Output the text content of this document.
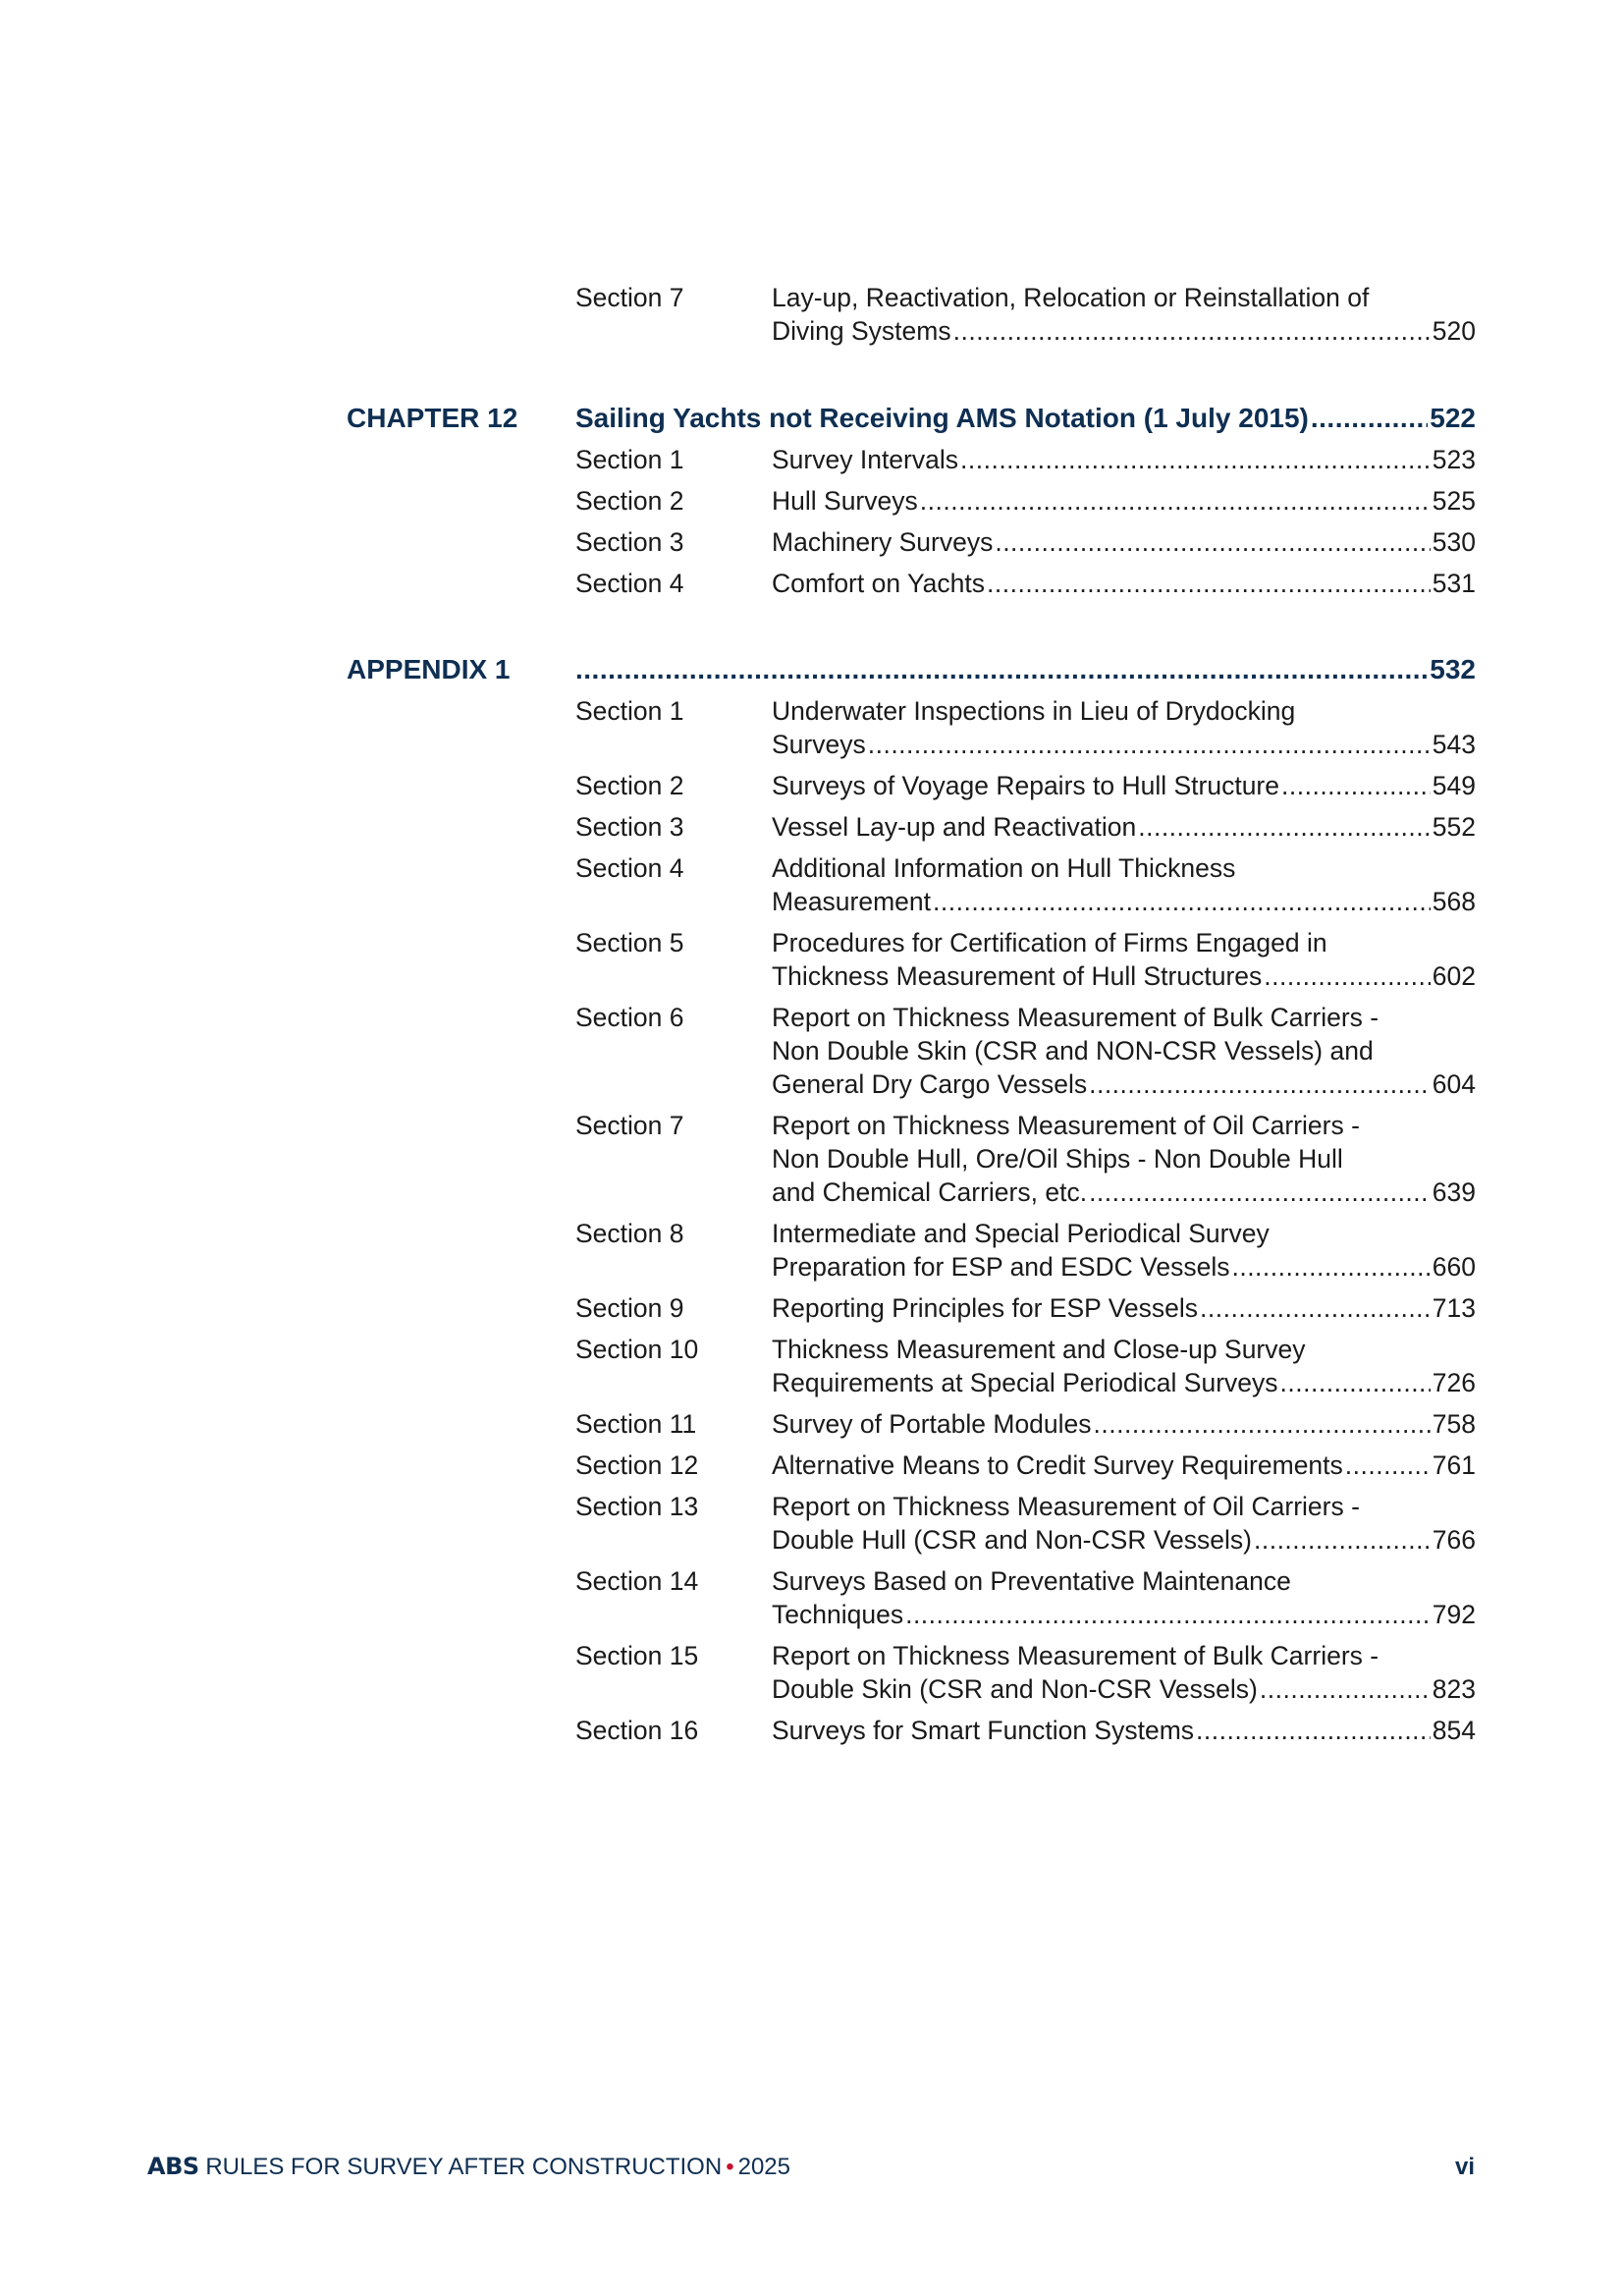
Section 7	Lay-up, Reactivation, Relocation or Reinstallation of
Diving Systems .....	520
CHAPTER 12	Sailing Yachts not Receiving AMS Notation (1 July 2015) .....	522
Section 1	Survey Intervals .....	523
Section 2	Hull Surveys .....	525
Section 3	Machinery Surveys .....	530
Section 4	Comfort on Yachts .....	531
APPENDIX 1 .....	532
Section 1	Underwater Inspections in Lieu of Drydocking
Surveys .....	543
Section 2	Surveys of Voyage Repairs to Hull Structure .....	549
Section 3	Vessel Lay-up and Reactivation .....	552
Section 4	Additional Information on Hull Thickness
Measurement .....	568
Section 5	Procedures for Certification of Firms Engaged in
Thickness Measurement of Hull Structures .....	602
Section 6	Report on Thickness Measurement of Bulk Carriers -
Non Double Skin (CSR and NON-CSR Vessels) and
General Dry Cargo Vessels .....	604
Section 7	Report on Thickness Measurement of Oil Carriers -
Non Double Hull, Ore/Oil Ships - Non Double Hull
and Chemical Carriers, etc. .....	639
Section 8	Intermediate and Special Periodical Survey
Preparation for ESP and ESDC Vessels .....	660
Section 9	Reporting Principles for ESP Vessels .....	713
Section 10	Thickness Measurement and Close-up Survey
Requirements at Special Periodical Surveys .....	726
Section 11	Survey of Portable Modules .....	758
Section 12	Alternative Means to Credit Survey Requirements .....	761
Section 13	Report on Thickness Measurement of Oil Carriers -
Double Hull (CSR and Non-CSR Vessels) .....	766
Section 14	Surveys Based on Preventative Maintenance
Techniques .....	792
Section 15	Report on Thickness Measurement of Bulk Carriers -
Double Skin (CSR and Non-CSR Vessels) .....	823
Section 16	Surveys for Smart Function Systems .....	854
ABS RULES FOR SURVEY AFTER CONSTRUCTION • 2025	vi
